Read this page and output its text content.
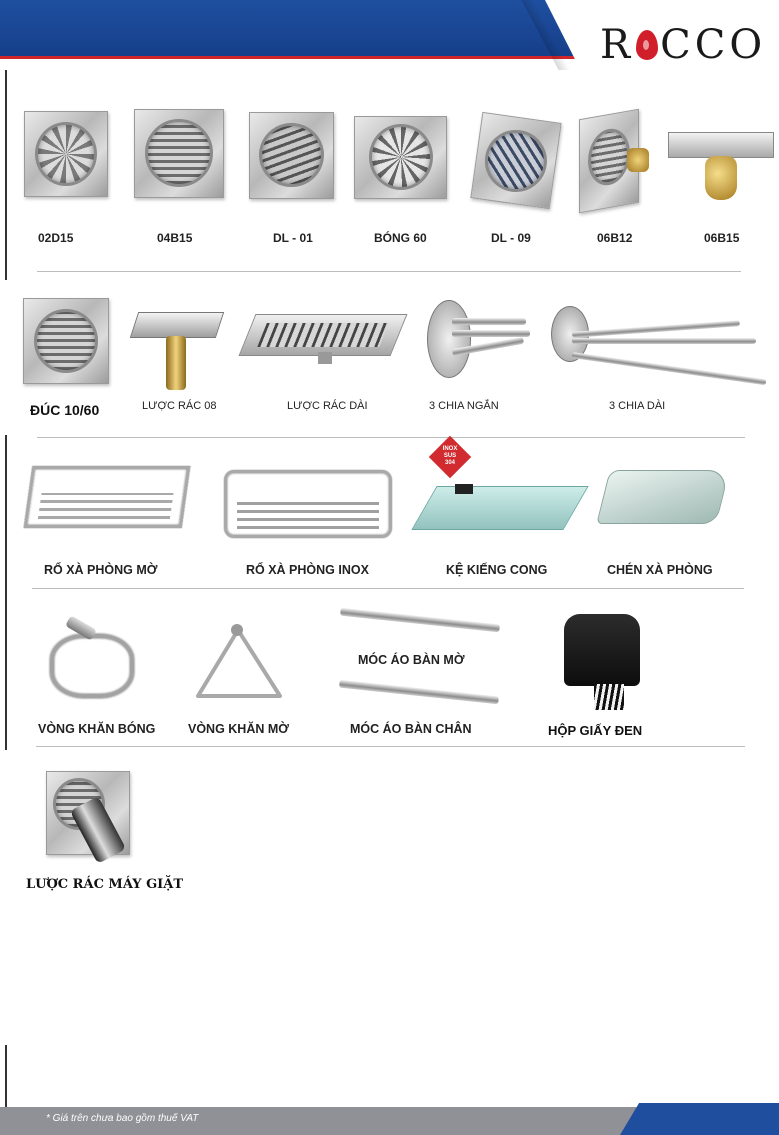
R CCO
02D15	04B15	DL - 01	BÓNG 60	DL - 09	06B12	06B15
ĐÚC 10/60	LƯỢC RÁC 08	LƯỢC RÁC DÀI	3 CHIA NGẮN	3 CHIA DÀI
INOX
SUS
304
RỔ XÀ PHÒNG MỜ	RỔ XÀ PHÒNG INOX	KỆ KIẾNG CONG	CHÉN XÀ PHÒNG
VÒNG KHĂN BÓNG	VÒNG KHĂN MỜ
MÓC ÁO BÀN MỜ
MÓC ÁO BÀN CHÂN	HỘP GIẤY ĐEN
LƯỢC RÁC MÁY GIẶT
* Giá trên chưa bao gồm thuế VAT
